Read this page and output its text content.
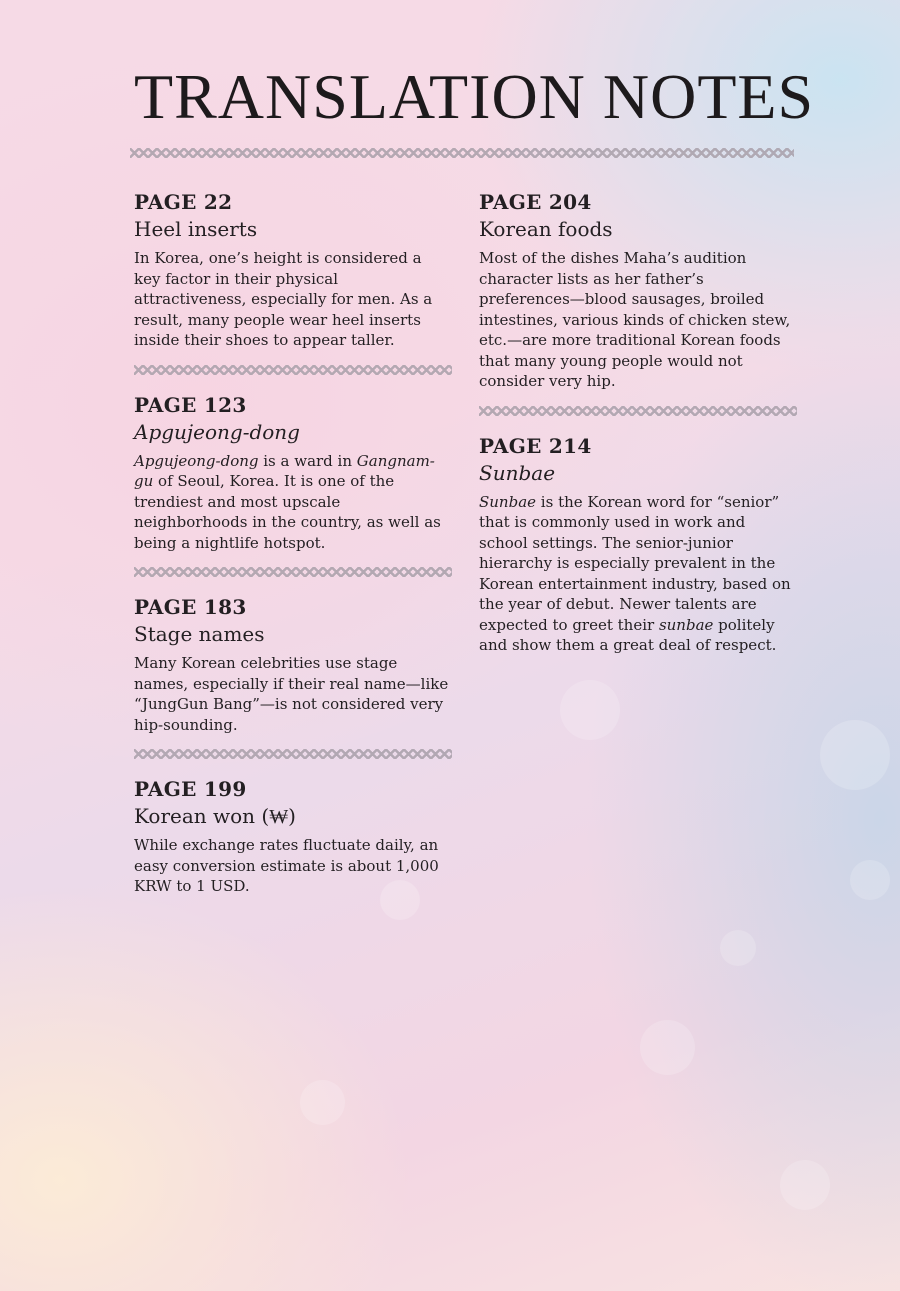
TRANSLATION NOTES

PAGE 22

Heel inserts

In Korea, one’s height is considered a key factor in their physical attractiveness, especially for men. As a result, many people wear heel inserts inside their shoes to appear taller.

PAGE 123

Apgujeong-dong

Apgujeong-dong is a ward in Gangnam-gu of Seoul, Korea. It is one of the trendiest and most upscale neighborhoods in the country, as well as being a nightlife hotspot.

PAGE 183

Stage names

Many Korean celebrities use stage names, especially if their real name—like “JungGun Bang”—is not considered very hip-sounding.

PAGE 199

Korean won (₩)

While exchange rates fluctuate daily, an easy conversion estimate is about 1,000 KRW to 1 USD.

PAGE 204

Korean foods

Most of the dishes Maha’s audition character lists as her father’s preferences—blood sausages, broiled intestines, various kinds of chicken stew, etc.—are more traditional Korean foods that many young people would not consider very hip.

PAGE 214

Sunbae

Sunbae is the Korean word for “senior” that is commonly used in work and school settings. The senior-junior hierarchy is especially prevalent in the Korean entertainment industry, based on the year of debut. Newer talents are expected to greet their sunbae politely and show them a great deal of respect.
